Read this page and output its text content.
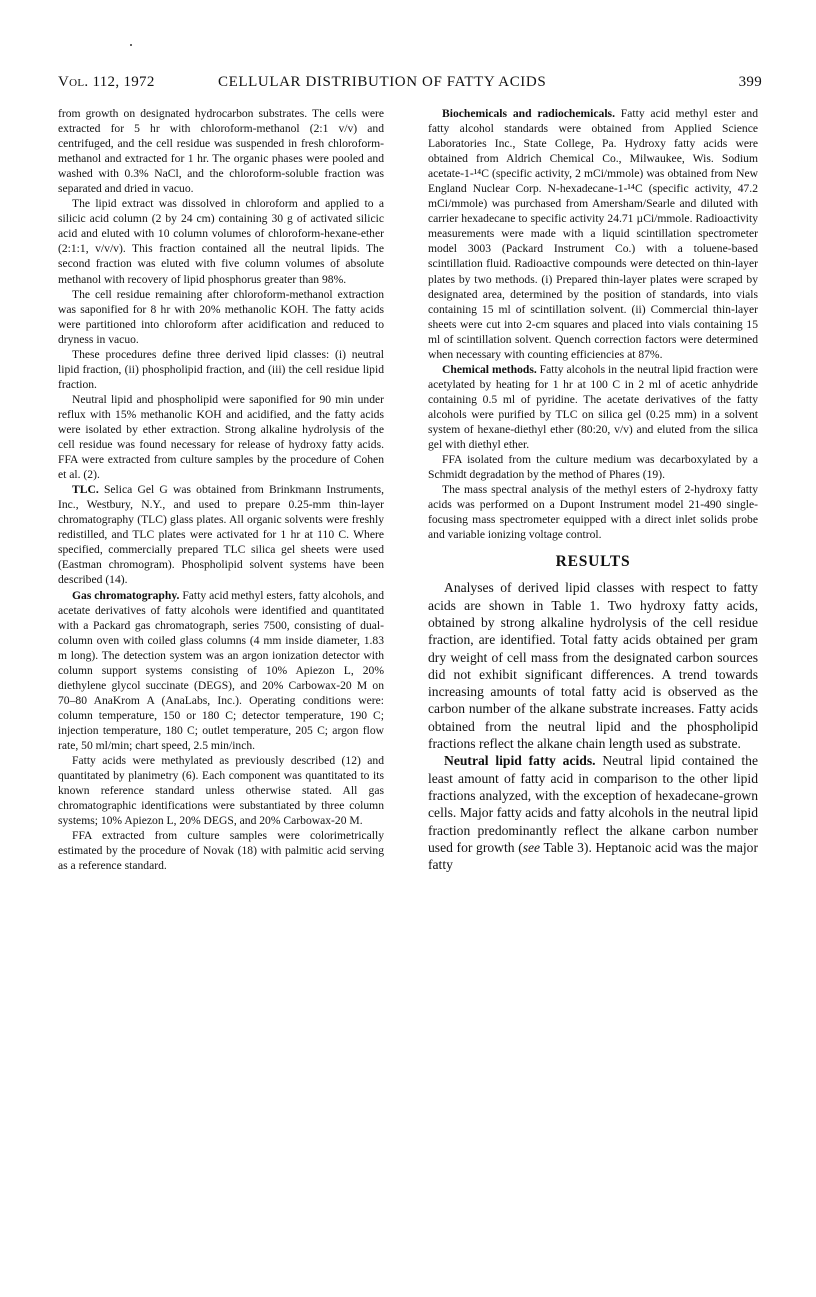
Vol. 112, 1972	CELLULAR DISTRIBUTION OF FATTY ACIDS	399

from growth on designated hydrocarbon substrates. The cells were extracted for 5 hr with chloroform-methanol (2:1 v/v) and centrifuged, and the cell residue was suspended in fresh chloroform-methanol and extracted for 1 hr. The organic phases were pooled and washed with 0.3% NaCl, and the chloroform-soluble fraction was separated and dried in vacuo.

The lipid extract was dissolved in chloroform and applied to a silicic acid column (2 by 24 cm) containing 30 g of activated silicic acid and eluted with 10 column volumes of chloroform-hexane-ether (2:1:1, v/v/v). This fraction contained all the neutral lipids. The second fraction was eluted with five column volumes of absolute methanol with recovery of lipid phosphorus greater than 98%.

The cell residue remaining after chloroform-methanol extraction was saponified for 8 hr with 20% methanolic KOH. The fatty acids were partitioned into chloroform after acidification and reduced to dryness in vacuo.

These procedures define three derived lipid classes: (i) neutral lipid fraction, (ii) phospholipid fraction, and (iii) the cell residue lipid fraction.

Neutral lipid and phospholipid were saponified for 90 min under reflux with 15% methanolic KOH and acidified, and the fatty acids were isolated by ether extraction. Strong alkaline hydrolysis of the cell residue was found necessary for release of hydroxy fatty acids. FFA were extracted from culture samples by the procedure of Cohen et al. (2).

TLC. Selica Gel G was obtained from Brinkmann Instruments, Inc., Westbury, N.Y., and used to prepare 0.25-mm thin-layer chromatography (TLC) glass plates. All organic solvents were freshly redistilled, and TLC plates were activated for 1 hr at 110 C. Where specified, commercially prepared TLC silica gel sheets were used (Eastman chromogram). Phospholipid solvent systems have been described (14).

Gas chromatography. Fatty acid methyl esters, fatty alcohols, and acetate derivatives of fatty alcohols were identified and quantitated with a Packard gas chromatograph, series 7500, consisting of dual-column oven with coiled glass columns (4 mm inside diameter, 1.83 m long). The detection system was an argon ionization detector with column support systems consisting of 10% Apiezon L, 20% diethylene glycol succinate (DEGS), and 20% Carbowax-20 M on 70–80 AnaKrom A (AnaLabs, Inc.). Operating conditions were: column temperature, 150 or 180 C; detector temperature, 190 C; injection temperature, 180 C; outlet temperature, 205 C; argon flow rate, 50 ml/min; chart speed, 2.5 min/inch.

Fatty acids were methylated as previously described (12) and quantitated by planimetry (6). Each component was quantitated to its known reference standard unless otherwise stated. All gas chromatographic identifications were substantiated by three column systems; 10% Apiezon L, 20% DEGS, and 20% Carbowax-20 M.

FFA extracted from culture samples were colorimetrically estimated by the procedure of Novak (18) with palmitic acid serving as a reference standard.

Biochemicals and radiochemicals. Fatty acid methyl ester and fatty alcohol standards were obtained from Applied Science Laboratories Inc., State College, Pa. Hydroxy fatty acids were obtained from Aldrich Chemical Co., Milwaukee, Wis. Sodium acetate-1-¹⁴C (specific activity, 2 mCi/mmole) was obtained from New England Nuclear Corp. N-hexadecane-1-¹⁴C (specific activity, 47.2 mCi/mmole) was purchased from Amersham/Searle and diluted with carrier hexadecane to specific activity 24.71 µCi/mmole. Radioactivity measurements were made with a liquid scintillation spectrometer model 3003 (Packard Instrument Co.) with a toluene-based scintillation fluid. Radioactive compounds were detected on thin-layer plates by two methods. (i) Prepared thin-layer plates were scraped by designated area, determined by the position of standards, into vials containing 15 ml of scintillation solvent. (ii) Commercial thin-layer sheets were cut into 2-cm squares and placed into vials containing 15 ml of scintillation solvent. Quench correction factors were determined when necessary with counting efficiencies at 87%.

Chemical methods. Fatty alcohols in the neutral lipid fraction were acetylated by heating for 1 hr at 100 C in 2 ml of acetic anhydride containing 0.5 ml of pyridine. The acetate derivatives of the fatty alcohols were purified by TLC on silica gel (0.25 mm) in a solvent system of hexane-diethyl ether (80:20, v/v) and eluted from the silica gel with diethyl ether.

FFA isolated from the culture medium was decarboxylated by a Schmidt degradation by the method of Phares (19).

The mass spectral analysis of the methyl esters of 2-hydroxy fatty acids was performed on a Dupont Instrument model 21-490 single-focusing mass spectrometer equipped with a direct inlet solids probe and variable ionizing voltage control.

RESULTS

Analyses of derived lipid classes with respect to fatty acids are shown in Table 1. Two hydroxy fatty acids, obtained by strong alkaline hydrolysis of the cell residue fraction, are identified. Total fatty acids obtained per gram dry weight of cell mass from the designated carbon sources did not exhibit significant differences. A trend towards increasing amounts of total fatty acid is observed as the carbon number of the alkane substrate increases. Fatty acids obtained from the neutral lipid and the phospholipid fractions reflect the alkane chain length used as substrate.

Neutral lipid fatty acids. Neutral lipid contained the least amount of fatty acid in comparison to the other lipid fractions analyzed, with the exception of hexadecane-grown cells. Major fatty acids and fatty alcohols in the neutral lipid fraction predominantly reflect the alkane carbon number used for growth (see Table 3). Heptanoic acid was the major fatty
